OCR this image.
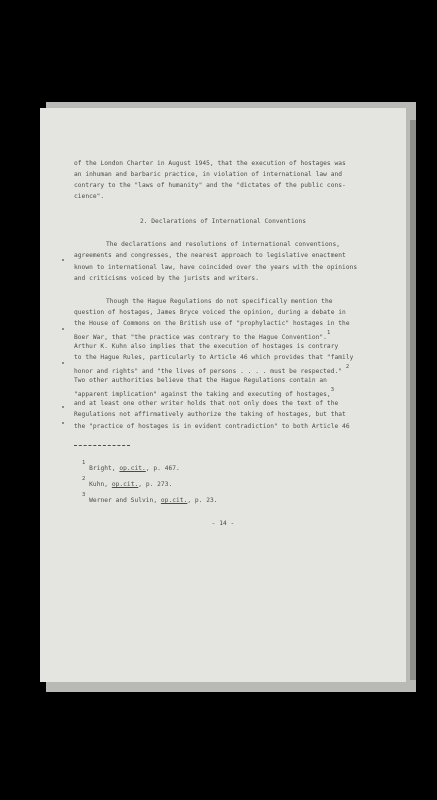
of the London Charter in August 1945, that the execution of hostages was
an inhuman and barbaric practice, in violation of international law and
contrary to the "laws of humanity" and the "dictates of the public cons-
cience".
2. Declarations of International Conventions
The declarations and resolutions of international conventions,
agreements and congresses, the nearest approach to legislative enactment
known to international law, have coincided over the years with the opinions
and criticisms voiced by the jurists and writers.
Though the Hague Regulations do not specifically mention the
question of hostages, James Bryce voiced the opinion, during a debate in
the House of Commons on the British use of "prophylactic" hostages in the
Boer War, that "the practice was contrary to the Hague Convention".$^1$
Arthur K. Kuhn also implies that the execution of hostages is contrary
to the Hague Rules, particularly to Article 46 which provides that "family
honor and rights" and "the lives of persons . . . . must be respected." $^2$
Two other authorities believe that the Hague Regulations contain an
"apparent implication" against the taking and executing of hostages,$^3$
and at least one other writer holds that not only does the text of the
Regulations not affirmatively authorize the taking of hostages, but that
the "practice of hostages is in evident contradiction" to both Article 46
$^1$ Bright, op.cit., p. 467.
$^2$ Kuhn, op.cit., p. 273.
$^3$ Werner and Sulvin, op.cit., p. 23.
- 14 -
